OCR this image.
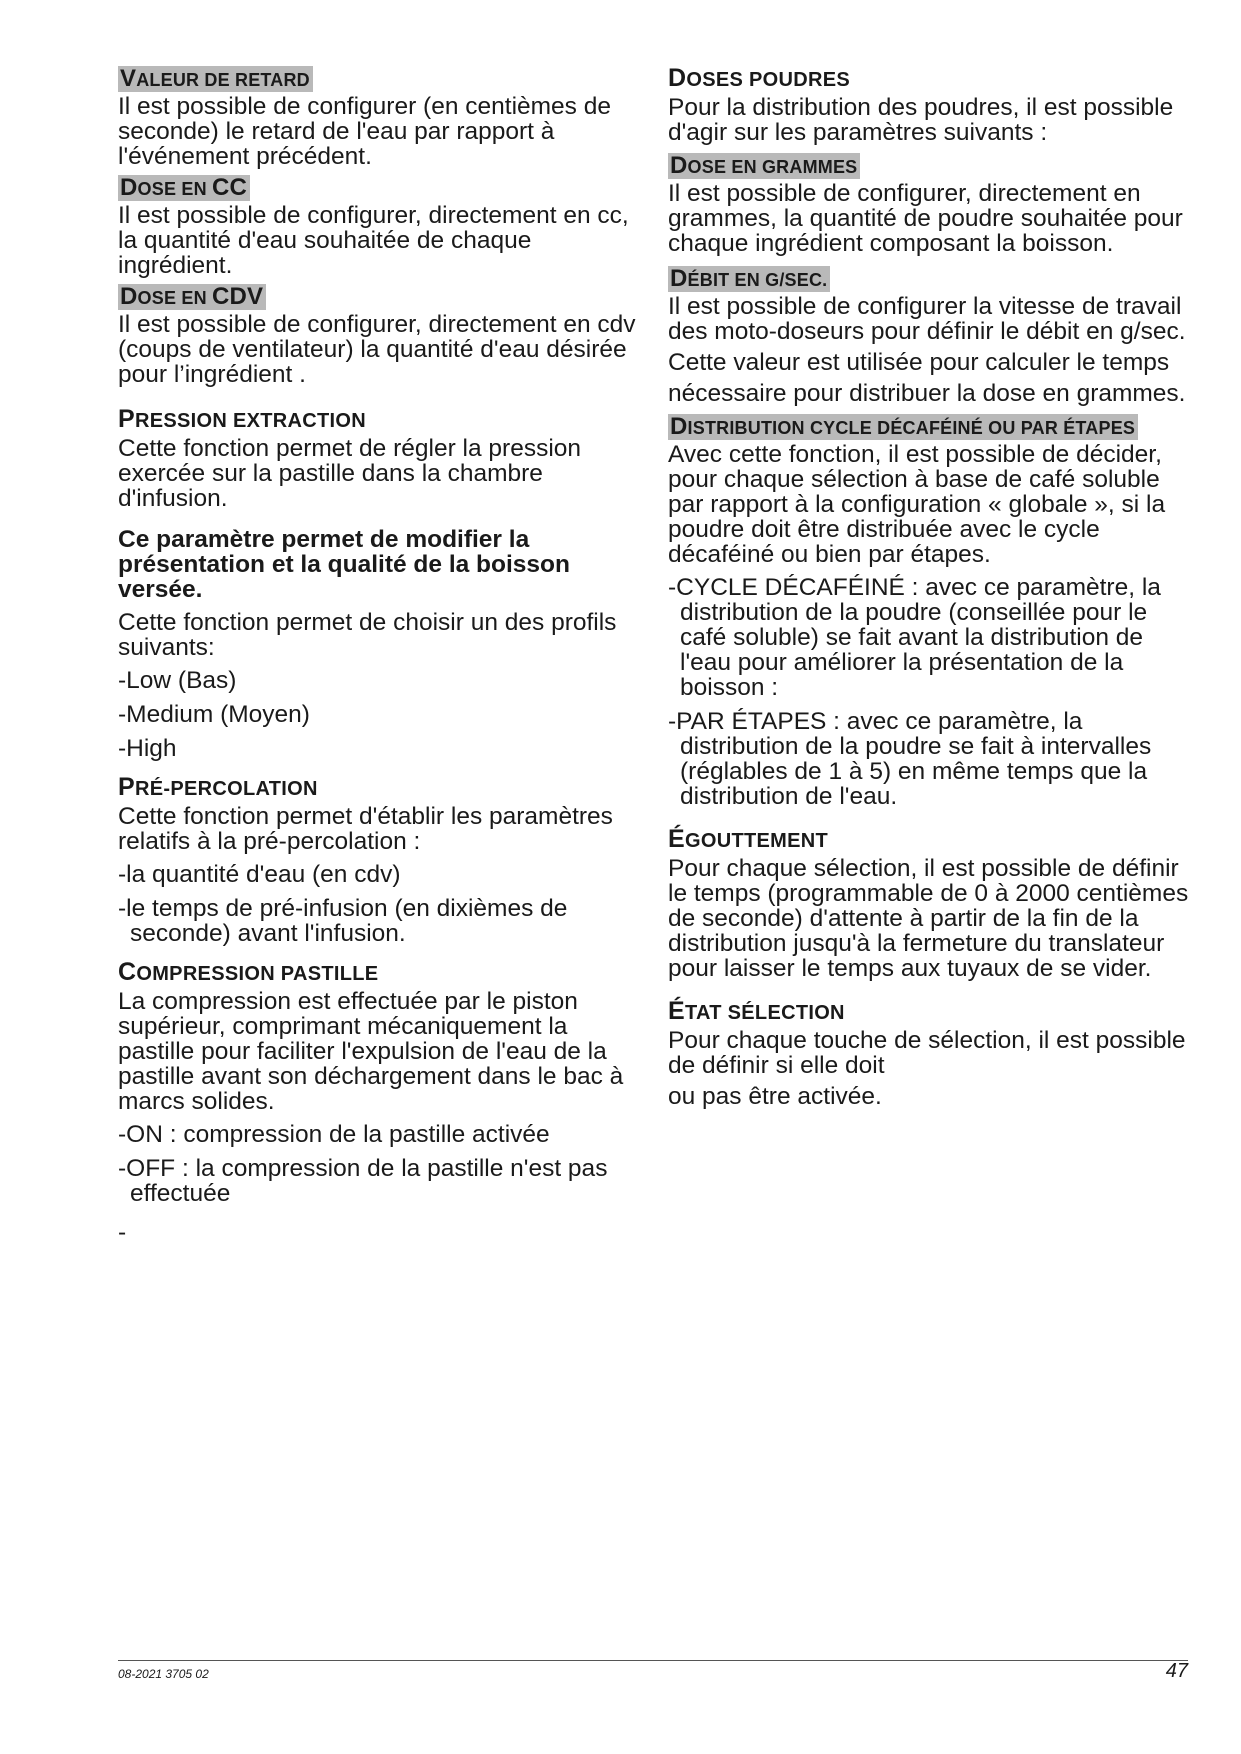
VALEUR DE RETARD

Il est possible de configurer (en centièmes de seconde) le retard de l'eau par rapport à l'événement précédent.

DOSE EN CC

Il est possible de configurer, directement en cc, la quantité d'eau souhaitée de chaque ingrédient.

DOSE EN CDV

Il est possible de configurer, directement en cdv (coups de ventilateur) la quantité d'eau désirée pour l’ingrédient .

PRESSION EXTRACTION

Cette fonction permet de régler la pression exercée sur la pastille dans la chambre d'infusion.

Ce paramètre permet de modifier la présentation et la qualité de la boisson versée.

Cette fonction permet de choisir un des profils suivants:

-Low (Bas)

-Medium (Moyen)

-High

PRÉ-PERCOLATION

Cette fonction permet d'établir les paramètres relatifs à la pré-percolation :

-la quantité d'eau (en cdv)

-le temps de pré-infusion (en dixièmes de seconde) avant l'infusion.

COMPRESSION PASTILLE

La compression est effectuée par le piston supérieur, comprimant mécaniquement la pastille pour faciliter l'expulsion de l'eau de la pastille avant son déchargement dans le bac à marcs solides.

-ON : compression de la pastille activée

-OFF : la compression de la pastille n'est pas effectuée

-

DOSES POUDRES

Pour la distribution des poudres, il est possible d'agir sur les paramètres suivants :

DOSE EN GRAMMES

Il est possible de configurer, directement en grammes, la quantité de poudre souhaitée pour chaque ingrédient composant la boisson.

DÉBIT EN G/SEC.

Il est possible de configurer la vitesse de travail des moto-doseurs pour définir le débit en g/sec.

Cette valeur est utilisée pour calculer le temps

nécessaire pour distribuer la dose en grammes.

DISTRIBUTION CYCLE DÉCAFÉINÉ OU PAR ÉTAPES

Avec cette fonction, il est possible de décider, pour chaque sélection à base de café soluble par rapport à la configuration « globale », si la poudre doit être distribuée avec le cycle décaféiné ou bien par étapes.

-CYCLE DÉCAFÉINÉ : avec ce paramètre, la distribution de la poudre (conseillée pour le café soluble) se fait avant la distribution de l'eau pour améliorer la présentation de la boisson :

-PAR ÉTAPES : avec ce paramètre, la distribution de la poudre se fait à intervalles (réglables de 1 à 5) en même temps que la distribution de l'eau.

ÉGOUTTEMENT

Pour chaque sélection, il est possible de définir le temps (programmable de 0 à 2000 centièmes de seconde) d'attente à partir de la fin de la distribution jusqu'à la fermeture du translateur pour laisser le temps aux tuyaux de se vider.

ÉTAT SÉLECTION

Pour chaque touche de sélection, il est possible de définir si elle doit

ou pas être activée.

08-2021 3705 02	47
